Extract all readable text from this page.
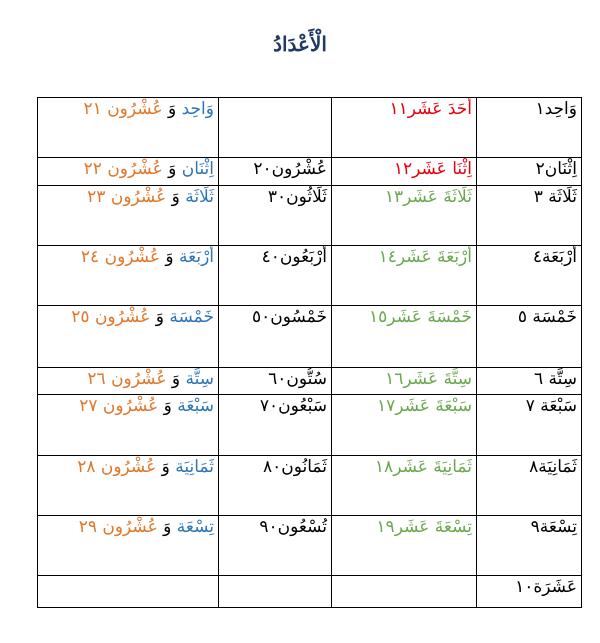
الْأَعْدَادُ
وَاحِد١	أَحَدَ عَشَر١١		وَاحِد وَ عُشْرُون ٢١
اِثْنَان٢	اِثْنَا عَشَر١٢	عُشْرُون٢٠	اِثْنَان وَ عُشْرُون ٢٢
ثَلَاثَة ٣	ثَلَاثَةَ عَشَر١٣	ثَلَاثُون٣٠	ثَلَاثَة وَ عُشْرُون ٢٣
أَرْبَعَة٤	أَرْبَعَةَ عَشَر١٤	أَرْبَعُون٤٠	أَرْبَعَة وَ عُشْرُون ٢٤
خَمْسَة ٥	خَمْسَةَ عَشَر١٥	خَمْسُون٥٠	خَمْسَة وَ عُشْرُون ٢٥
سِتَّة ٦	سِتَّةَ عَشَر١٦	سُتُّون٦٠	سِتَّة وَ عُشْرُون ٢٦
سَبْعَة ٧	سَبْعَةَ عَشَر١٧	سَبْعُون٧٠	سَبْعَة وَ عُشْرُون ٢٧
ثَمَانِيَة٨	ثَمَانِيَةَ عَشَر١٨	ثَمَانُون٨٠	ثَمَانِيَة وَ عُشْرُون ٢٨
تِسْعَة٩	تِسْعَةَ عَشَر١٩	تُسْعُون٩٠	تِسْعَة وَ عُشْرُون ٢٩
عَشَرَة١٠			
